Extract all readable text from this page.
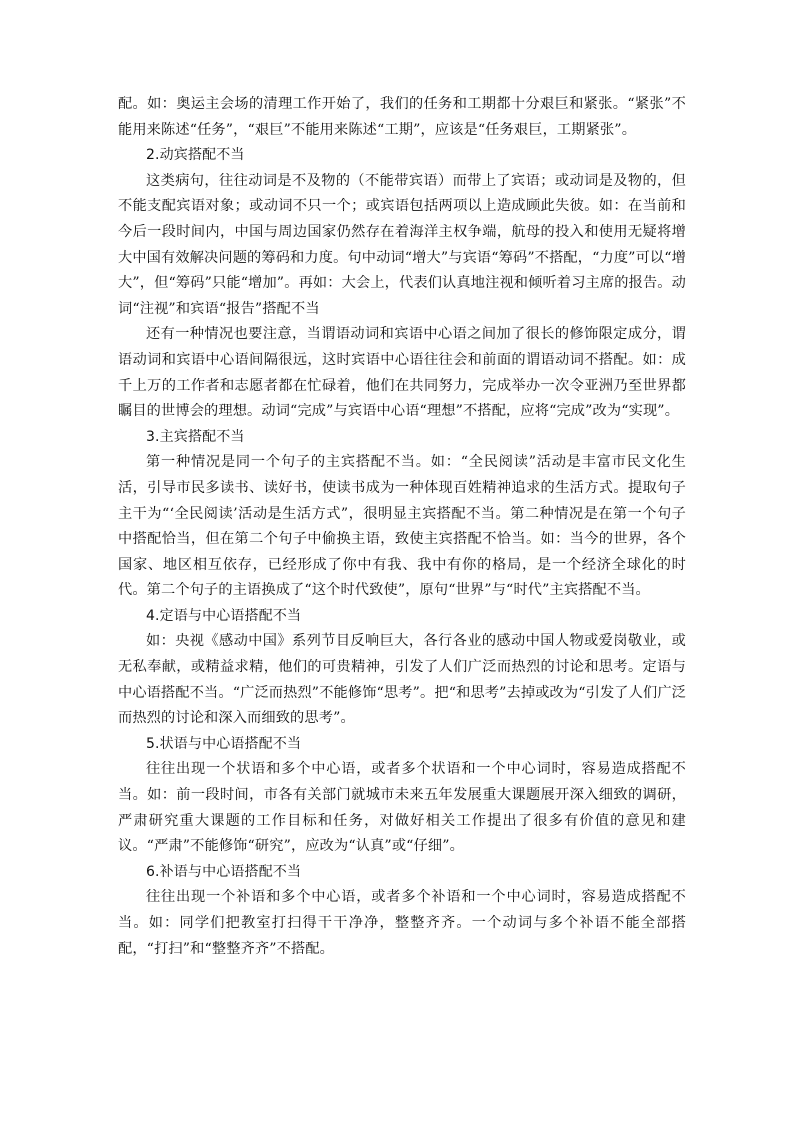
配。如：奥运主会场的清理工作开始了，我们的任务和工期都十分艰巨和紧张。“紧张”不能用来陈述“任务”，“艰巨”不能用来陈述“工期”，应该是“任务艰巨，工期紧张”。

2.动宾搭配不当

这类病句，往往动词是不及物的（不能带宾语）而带上了宾语；或动词是及物的，但不能支配宾语对象；或动词不只一个；或宾语包括两项以上造成顾此失彼。如：在当前和今后一段时间内，中国与周边国家仍然存在着海洋主权争端，航母的投入和使用无疑将增大中国有效解决问题的筹码和力度。句中动词“增大”与宾语“筹码”不搭配，“力度”可以“增大”，但“筹码”只能“增加”。再如：大会上，代表们认真地注视和倾听着习主席的报告。动词“注视”和宾语“报告”搭配不当

还有一种情况也要注意，当谓语动词和宾语中心语之间加了很长的修饰限定成分，谓语动词和宾语中心语间隔很远，这时宾语中心语往往会和前面的谓语动词不搭配。如：成千上万的工作者和志愿者都在忙碌着，他们在共同努力，完成举办一次令亚洲乃至世界都瞩目的世博会的理想。动词“完成”与宾语中心语“理想”不搭配，应将“完成”改为“实现”。

3.主宾搭配不当

第一种情况是同一个句子的主宾搭配不当。如：“全民阅读”活动是丰富市民文化生活，引导市民多读书、读好书，使读书成为一种体现百姓精神追求的生活方式。提取句子主干为“‘全民阅读’活动是生活方式”，很明显主宾搭配不当。第二种情况是在第一个句子中搭配恰当，但在第二个句子中偷换主语，致使主宾搭配不恰当。如：当今的世界，各个国家、地区相互依存，已经形成了你中有我、我中有你的格局，是一个经济全球化的时代。第二个句子的主语换成了“这个时代致使”，原句“世界”与“时代”主宾搭配不当。

4.定语与中心语搭配不当

如：央视《感动中国》系列节目反响巨大，各行各业的感动中国人物或爱岗敬业，或无私奉献，或精益求精，他们的可贵精神，引发了人们广泛而热烈的讨论和思考。定语与中心语搭配不当。“广泛而热烈”不能修饰“思考”。把“和思考”去掉或改为“引发了人们广泛而热烈的讨论和深入而细致的思考”。

5.状语与中心语搭配不当

往往出现一个状语和多个中心语，或者多个状语和一个中心词时，容易造成搭配不当。如：前一段时间，市各有关部门就城市未来五年发展重大课题展开深入细致的调研，严肃研究重大课题的工作目标和任务，对做好相关工作提出了很多有价值的意见和建议。“严肃”不能修饰“研究”，应改为“认真”或“仔细”。

6.补语与中心语搭配不当

往往出现一个补语和多个中心语，或者多个补语和一个中心词时，容易造成搭配不当。如：同学们把教室打扫得干干净净，整整齐齐。一个动词与多个补语不能全部搭配，“打扫”和“整整齐齐”不搭配。
